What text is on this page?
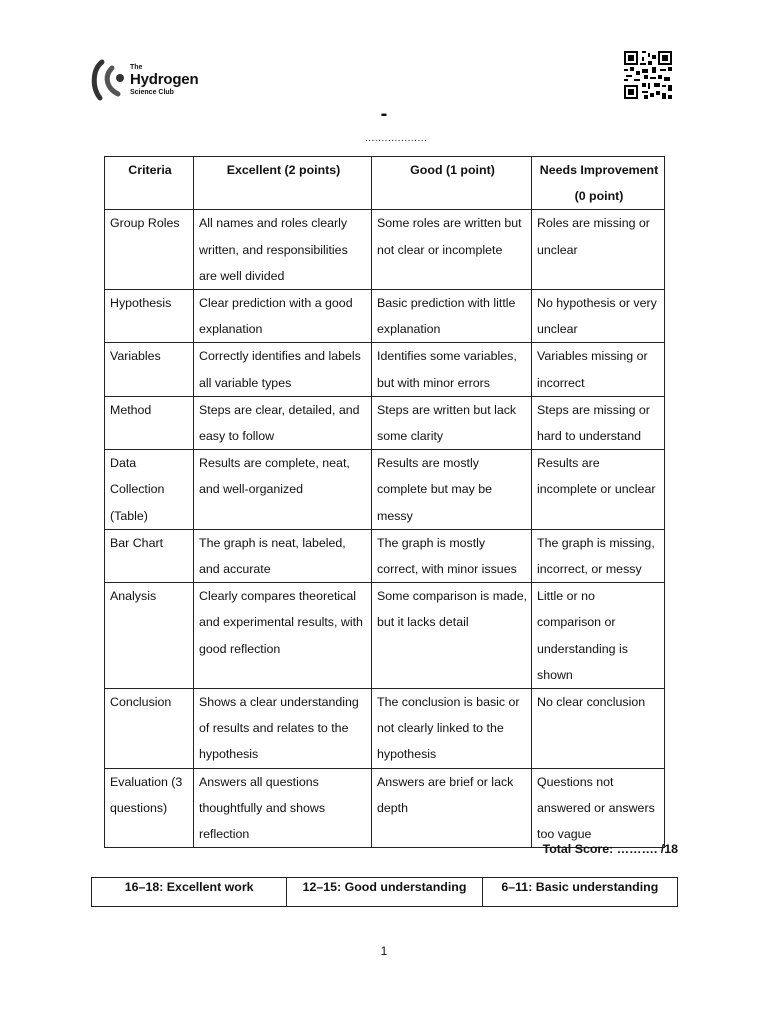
The
Hydrogen
Science Club
-
...................
Criteria	Excellent (2 points)	Good (1 point)	Needs Improvement (0 point)
Group Roles	All names and roles clearly written, and responsibilities are well divided	Some roles are written but not clear or incomplete	Roles are missing or unclear
Hypothesis	Clear prediction with a good explanation	Basic prediction with little explanation	No hypothesis or very unclear
Variables	Correctly identifies and labels all variable types	Identifies some variables, but with minor errors	Variables missing or incorrect
Method	Steps are clear, detailed, and easy to follow	Steps are written but lack some clarity	Steps are missing or hard to understand
Data Collection (Table)	Results are complete, neat, and well-organized	Results are mostly complete but may be messy	Results are incomplete or unclear
Bar Chart	The graph is neat, labeled, and accurate	The graph is mostly correct, with minor issues	The graph is missing, incorrect, or messy
Analysis	Clearly compares theoretical and experimental results, with good reflection	Some comparison is made, but it lacks detail	Little or no comparison or understanding is shown
Conclusion	Shows a clear understanding of results and relates to the hypothesis	The conclusion is basic or not clearly linked to the hypothesis	No clear conclusion
Evaluation (3 questions)	Answers all questions thoughtfully and shows reflection	Answers are brief or lack depth	Questions not answered or answers too vague
Total Score: ………. /18
16–18: Excellent work	12–15: Good understanding	6–11: Basic understanding
1
